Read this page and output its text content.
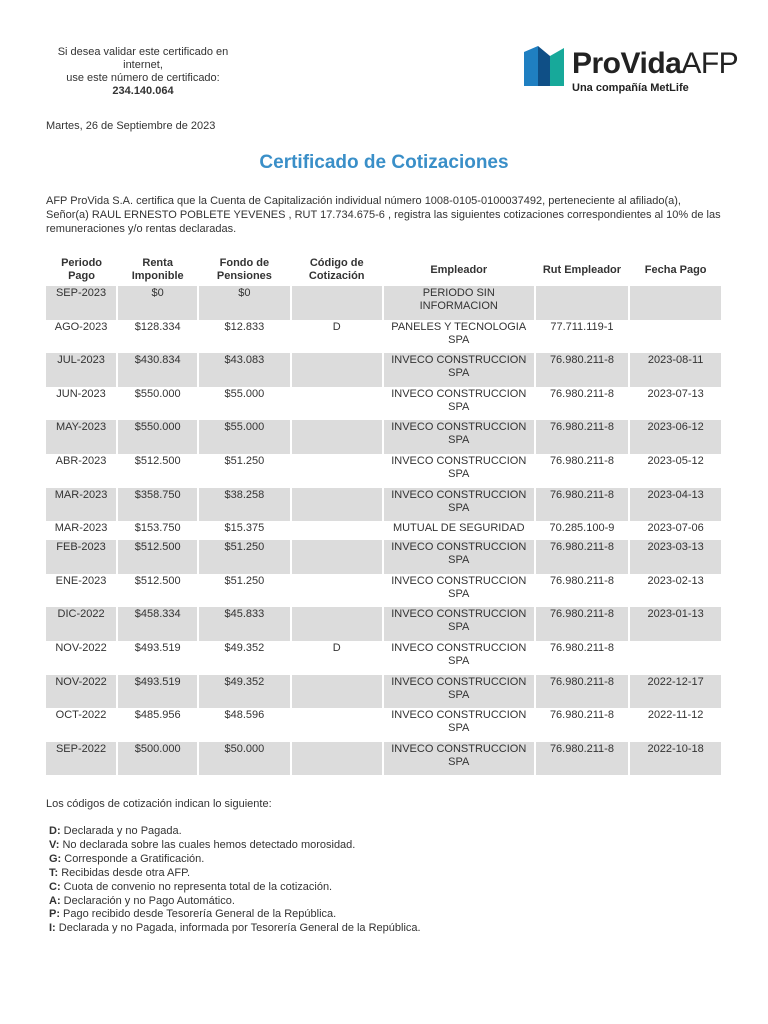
Si desea validar este certificado en internet,
use este número de certificado:
234.140.064
ProVidaAFP
Una compañía MetLife
Martes, 26 de Septiembre de 2023
Certificado de Cotizaciones
AFP ProVida S.A. certifica que la Cuenta de Capitalización individual número 1008-0105-0100037492, perteneciente al afiliado(a), Señor(a) RAUL ERNESTO POBLETE YEVENES , RUT 17.734.675-6 , registra las siguientes cotizaciones correspondientes al 10% de las remuneraciones y/o rentas declaradas.
Periodo Pago	Renta Imponible	Fondo de Pensiones	Código de Cotización	Empleador	Rut Empleador	Fecha Pago
SEP-2023	$0	$0		PERIODO SIN INFORMACION		
AGO-2023	$128.334	$12.833	D	PANELES Y TECNOLOGIA SPA	77.711.119-1	
JUL-2023	$430.834	$43.083		INVECO CONSTRUCCION SPA	76.980.211-8	2023-08-11
JUN-2023	$550.000	$55.000		INVECO CONSTRUCCION SPA	76.980.211-8	2023-07-13
MAY-2023	$550.000	$55.000		INVECO CONSTRUCCION SPA	76.980.211-8	2023-06-12
ABR-2023	$512.500	$51.250		INVECO CONSTRUCCION SPA	76.980.211-8	2023-05-12
MAR-2023	$358.750	$38.258		INVECO CONSTRUCCION SPA	76.980.211-8	2023-04-13
MAR-2023	$153.750	$15.375		MUTUAL DE SEGURIDAD	70.285.100-9	2023-07-06
FEB-2023	$512.500	$51.250		INVECO CONSTRUCCION SPA	76.980.211-8	2023-03-13
ENE-2023	$512.500	$51.250		INVECO CONSTRUCCION SPA	76.980.211-8	2023-02-13
DIC-2022	$458.334	$45.833		INVECO CONSTRUCCION SPA	76.980.211-8	2023-01-13
NOV-2022	$493.519	$49.352	D	INVECO CONSTRUCCION SPA	76.980.211-8	
NOV-2022	$493.519	$49.352		INVECO CONSTRUCCION SPA	76.980.211-8	2022-12-17
OCT-2022	$485.956	$48.596		INVECO CONSTRUCCION SPA	76.980.211-8	2022-11-12
SEP-2022	$500.000	$50.000		INVECO CONSTRUCCION SPA	76.980.211-8	2022-10-18
Los códigos de cotización indican lo siguiente:
D: Declarada y no Pagada.
V: No declarada sobre las cuales hemos detectado morosidad.
G: Corresponde a Gratificación.
T: Recibidas desde otra AFP.
C: Cuota de convenio no representa total de la cotización.
A: Declaración y no Pago Automático.
P: Pago recibido desde Tesorería General de la República.
I: Declarada y no Pagada, informada por Tesorería General de la República.
